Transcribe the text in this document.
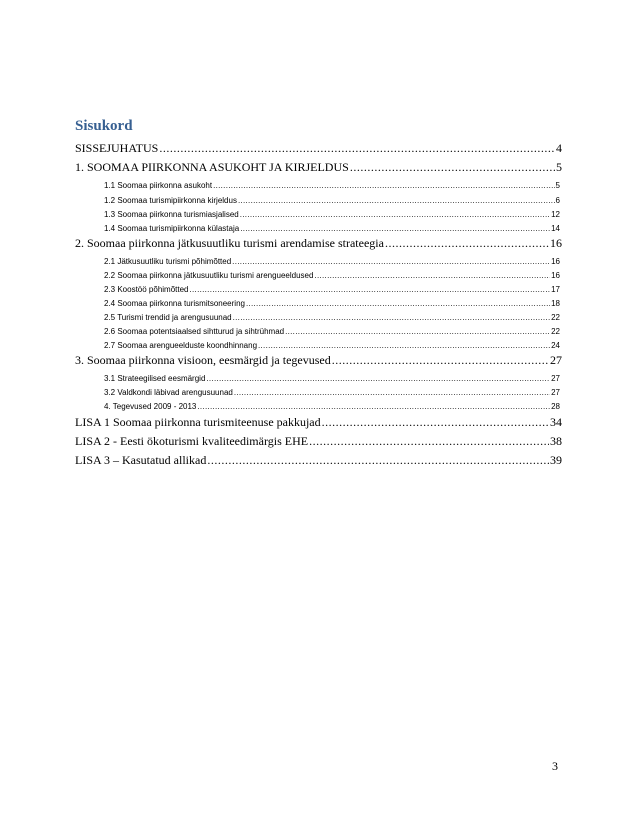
Sisukord
SISSEJUHATUS .....	4
1. SOOMAA PIIRKONNA ASUKOHT JA KIRJELDUS .....	5
1.1 Soomaa piirkonna asukoht .....	5
1.2 Soomaa turismipiirkonna kirjeldus .....	6
1.3 Soomaa piirkonna turismiasjalised .....	12
1.4 Soomaa turismipiirkonna külastaja .....	14
2. Soomaa piirkonna jätkusuutliku turismi arendamise strateegia .....	16
2.1 Jätkusuutliku turismi põhimõtted .....	16
2.2 Soomaa piirkonna jätkusuutliku turismi arengueeldused .....	16
2.3 Koostöö põhimõtted .....	17
2.4 Soomaa piirkonna turismitsoneering .....	18
2.5 Turismi trendid ja arengusuunad .....	22
2.6 Soomaa potentsiaalsed sihtturud ja sihtrühmad .....	22
2.7 Soomaa arengueelduste koondhinnang .....	24
3. Soomaa piirkonna visioon, eesmärgid ja tegevused .....	27
3.1 Strateegilised eesmärgid .....	27
3.2 Valdkondi läbivad arengusuunad .....	27
4. Tegevused 2009 - 2013 .....	28
LISA 1 Soomaa piirkonna turismiteenuse pakkujad .....	34
LISA 2 - Eesti ökoturismi kvaliteedimärgis EHE .....	38
LISA 3 – Kasutatud allikad .....	39
3
